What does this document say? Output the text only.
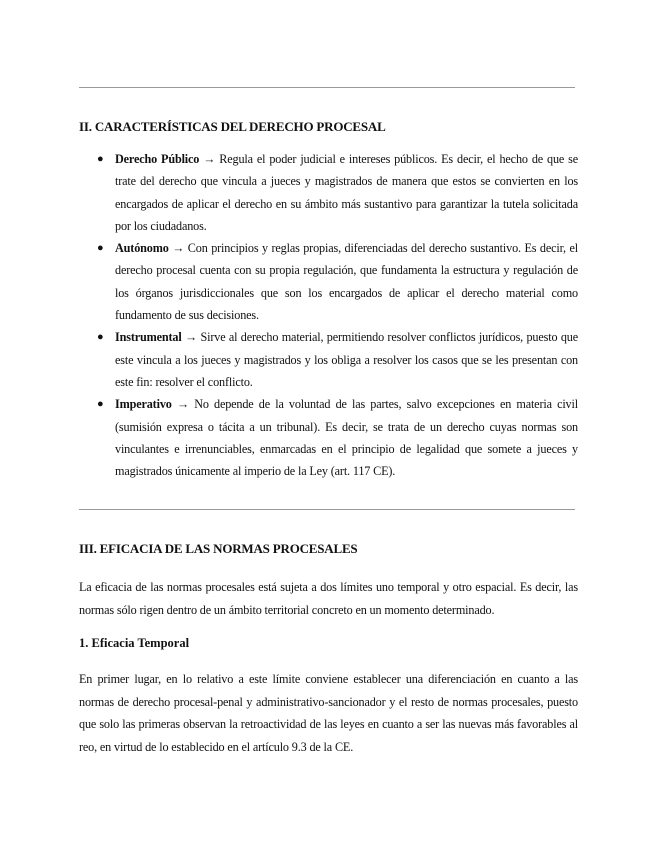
II. CARACTERÍSTICAS DEL DERECHO PROCESAL
● Derecho Público → Regula el poder judicial e intereses públicos. Es decir, el hecho de que se trate del derecho que vincula a jueces y magistrados de manera que estos se convierten en los encargados de aplicar el derecho en su ámbito más sustantivo para garantizar la tutela solicitada por los ciudadanos.
● Autónomo → Con principios y reglas propias, diferenciadas del derecho sustantivo. Es decir, el derecho procesal cuenta con su propia regulación, que fundamenta la estructura y regulación de los órganos jurisdiccionales que son los encargados de aplicar el derecho material como fundamento de sus decisiones.
● Instrumental → Sirve al derecho material, permitiendo resolver conflictos jurídicos, puesto que este vincula a los jueces y magistrados y los obliga a resolver los casos que se les presentan con este fin: resolver el conflicto.
● Imperativo → No depende de la voluntad de las partes, salvo excepciones en materia civil (sumisión expresa o tácita a un tribunal). Es decir, se trata de un derecho cuyas normas son vinculantes e irrenunciables, enmarcadas en el principio de legalidad que somete a jueces y magistrados únicamente al imperio de la Ley (art. 117 CE).
III. EFICACIA DE LAS NORMAS PROCESALES

La eficacia de las normas procesales está sujeta a dos límites uno temporal y otro espacial. Es decir, las normas sólo rigen dentro de un ámbito territorial concreto en un momento determinado.

1. Eficacia Temporal

En primer lugar, en lo relativo a este límite conviene establecer una diferenciación en cuanto a las normas de derecho procesal-penal y administrativo-sancionador y el resto de normas procesales, puesto que solo las primeras observan la retroactividad de las leyes en cuanto a ser las nuevas más favorables al reo, en virtud de lo establecido en el artículo 9.3 de la CE.
